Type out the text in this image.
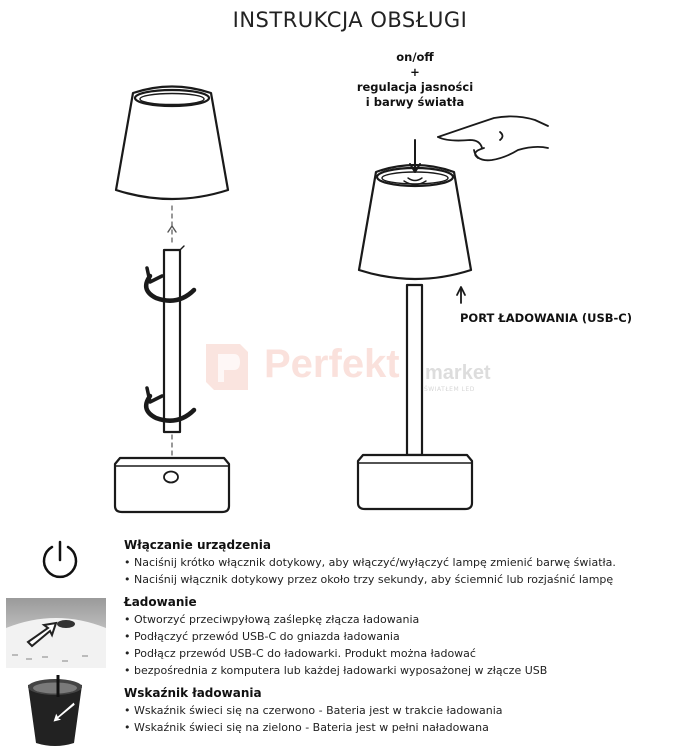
INSTRUKCJA OBSŁUGI
on/off
+
regulacja jasności
i barwy światła
PORT ŁADOWANIA (USB-C)
Perfekt market
ŚWIATŁEM LED
Włączanie urządzenia
• Naciśnij krótko włącznik dotykowy, aby włączyć/wyłączyć lampę zmienić barwę światła.
• Naciśnij włącznik dotykowy przez około trzy sekundy, aby ściemnić lub rozjaśnić lampę
Ładowanie
• Otworzyć przeciwpyłową zaślepkę złącza ładowania
• Podłączyć przewód USB-C do gniazda ładowania
• Podłącz przewód USB-C do ładowarki. Produkt można ładować
• bezpośrednia z komputera lub każdej ładowarki wyposażonej w złącze USB
Wskaźnik ładowania
• Wskaźnik świeci się na czerwono - Bateria jest w trakcie ładowania
• Wskaźnik świeci się na zielono - Bateria jest w pełni naładowana
